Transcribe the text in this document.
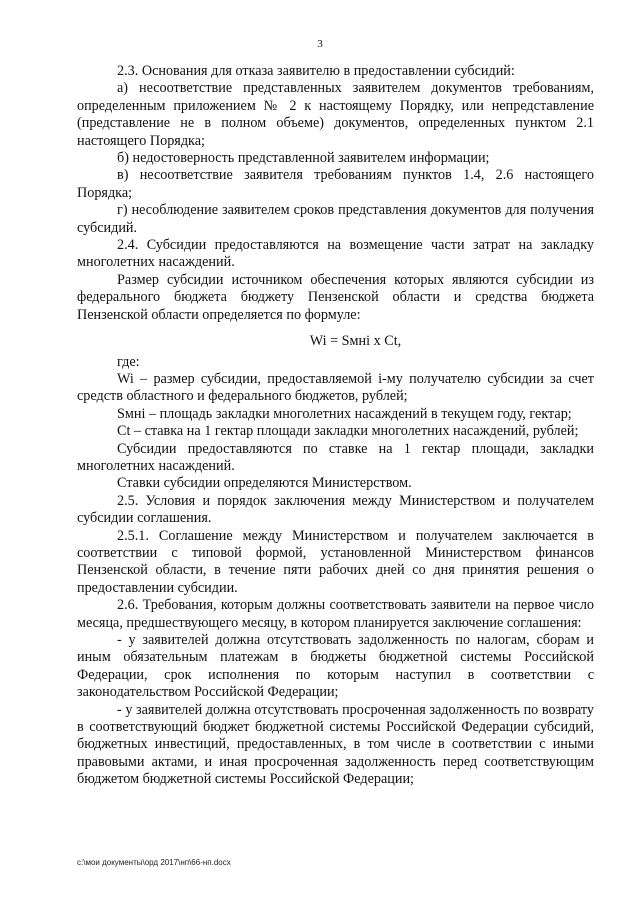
3

2.3. Основания для отказа заявителю в предоставлении субсидий:

а) несоответствие представленных заявителем документов требованиям, определенным приложением № 2 к настоящему Порядку, или непредставление (представление не в полном объеме) документов, определенных пунктом 2.1 настоящего Порядка;

б) недостоверность представленной заявителем информации;

в) несоответствие заявителя требованиям пунктов 1.4, 2.6 настоящего Порядка;

г) несоблюдение заявителем сроков представления документов для получения субсидий.

2.4. Субсидии предоставляются на возмещение части затрат на закладку многолетних насаждений.

Размер субсидии источником обеспечения которых являются субсидии из федерального бюджета бюджету Пензенской области и средства бюджета Пензенской области определяется по формуле:

Wi = Sмнi x Ct,

где:

Wi – размер субсидии, предоставляемой i-му получателю субсидии за счет средств областного и федерального бюджетов, рублей;

Sмнi – площадь закладки многолетних насаждений в текущем году, гектар;

Ct – ставка на 1 гектар площади закладки многолетних насаждений, рублей;

Субсидии предоставляются по ставке на 1 гектар площади, закладки многолетних насаждений.

Ставки субсидии определяются Министерством.

2.5. Условия и порядок заключения между Министерством и получателем субсидии соглашения.

2.5.1. Соглашение между Министерством и получателем заключается в соответствии с типовой формой, установленной Министерством финансов Пензенской области, в течение пяти рабочих дней со дня принятия решения о предоставлении субсидии.

2.6. Требования, которым должны соответствовать заявители на первое число месяца, предшествующего месяцу, в котором планируется заключение соглашения:

- у заявителей должна отсутствовать задолженность по налогам, сборам и иным обязательным платежам в бюджеты бюджетной системы Российской Федерации, срок исполнения по которым наступил в соответствии с законодательством Российской Федерации;

- у заявителей должна отсутствовать просроченная задолженность по возврату в соответствующий бюджет бюджетной системы Российской Федерации субсидий, бюджетных инвестиций, предоставленных, в том числе в соответствии с иными правовыми актами, и иная просроченная задолженность перед соответствующим бюджетом бюджетной системы Российской Федерации;

c:\мои документы\орд 2017\нп\66-нп.docx
